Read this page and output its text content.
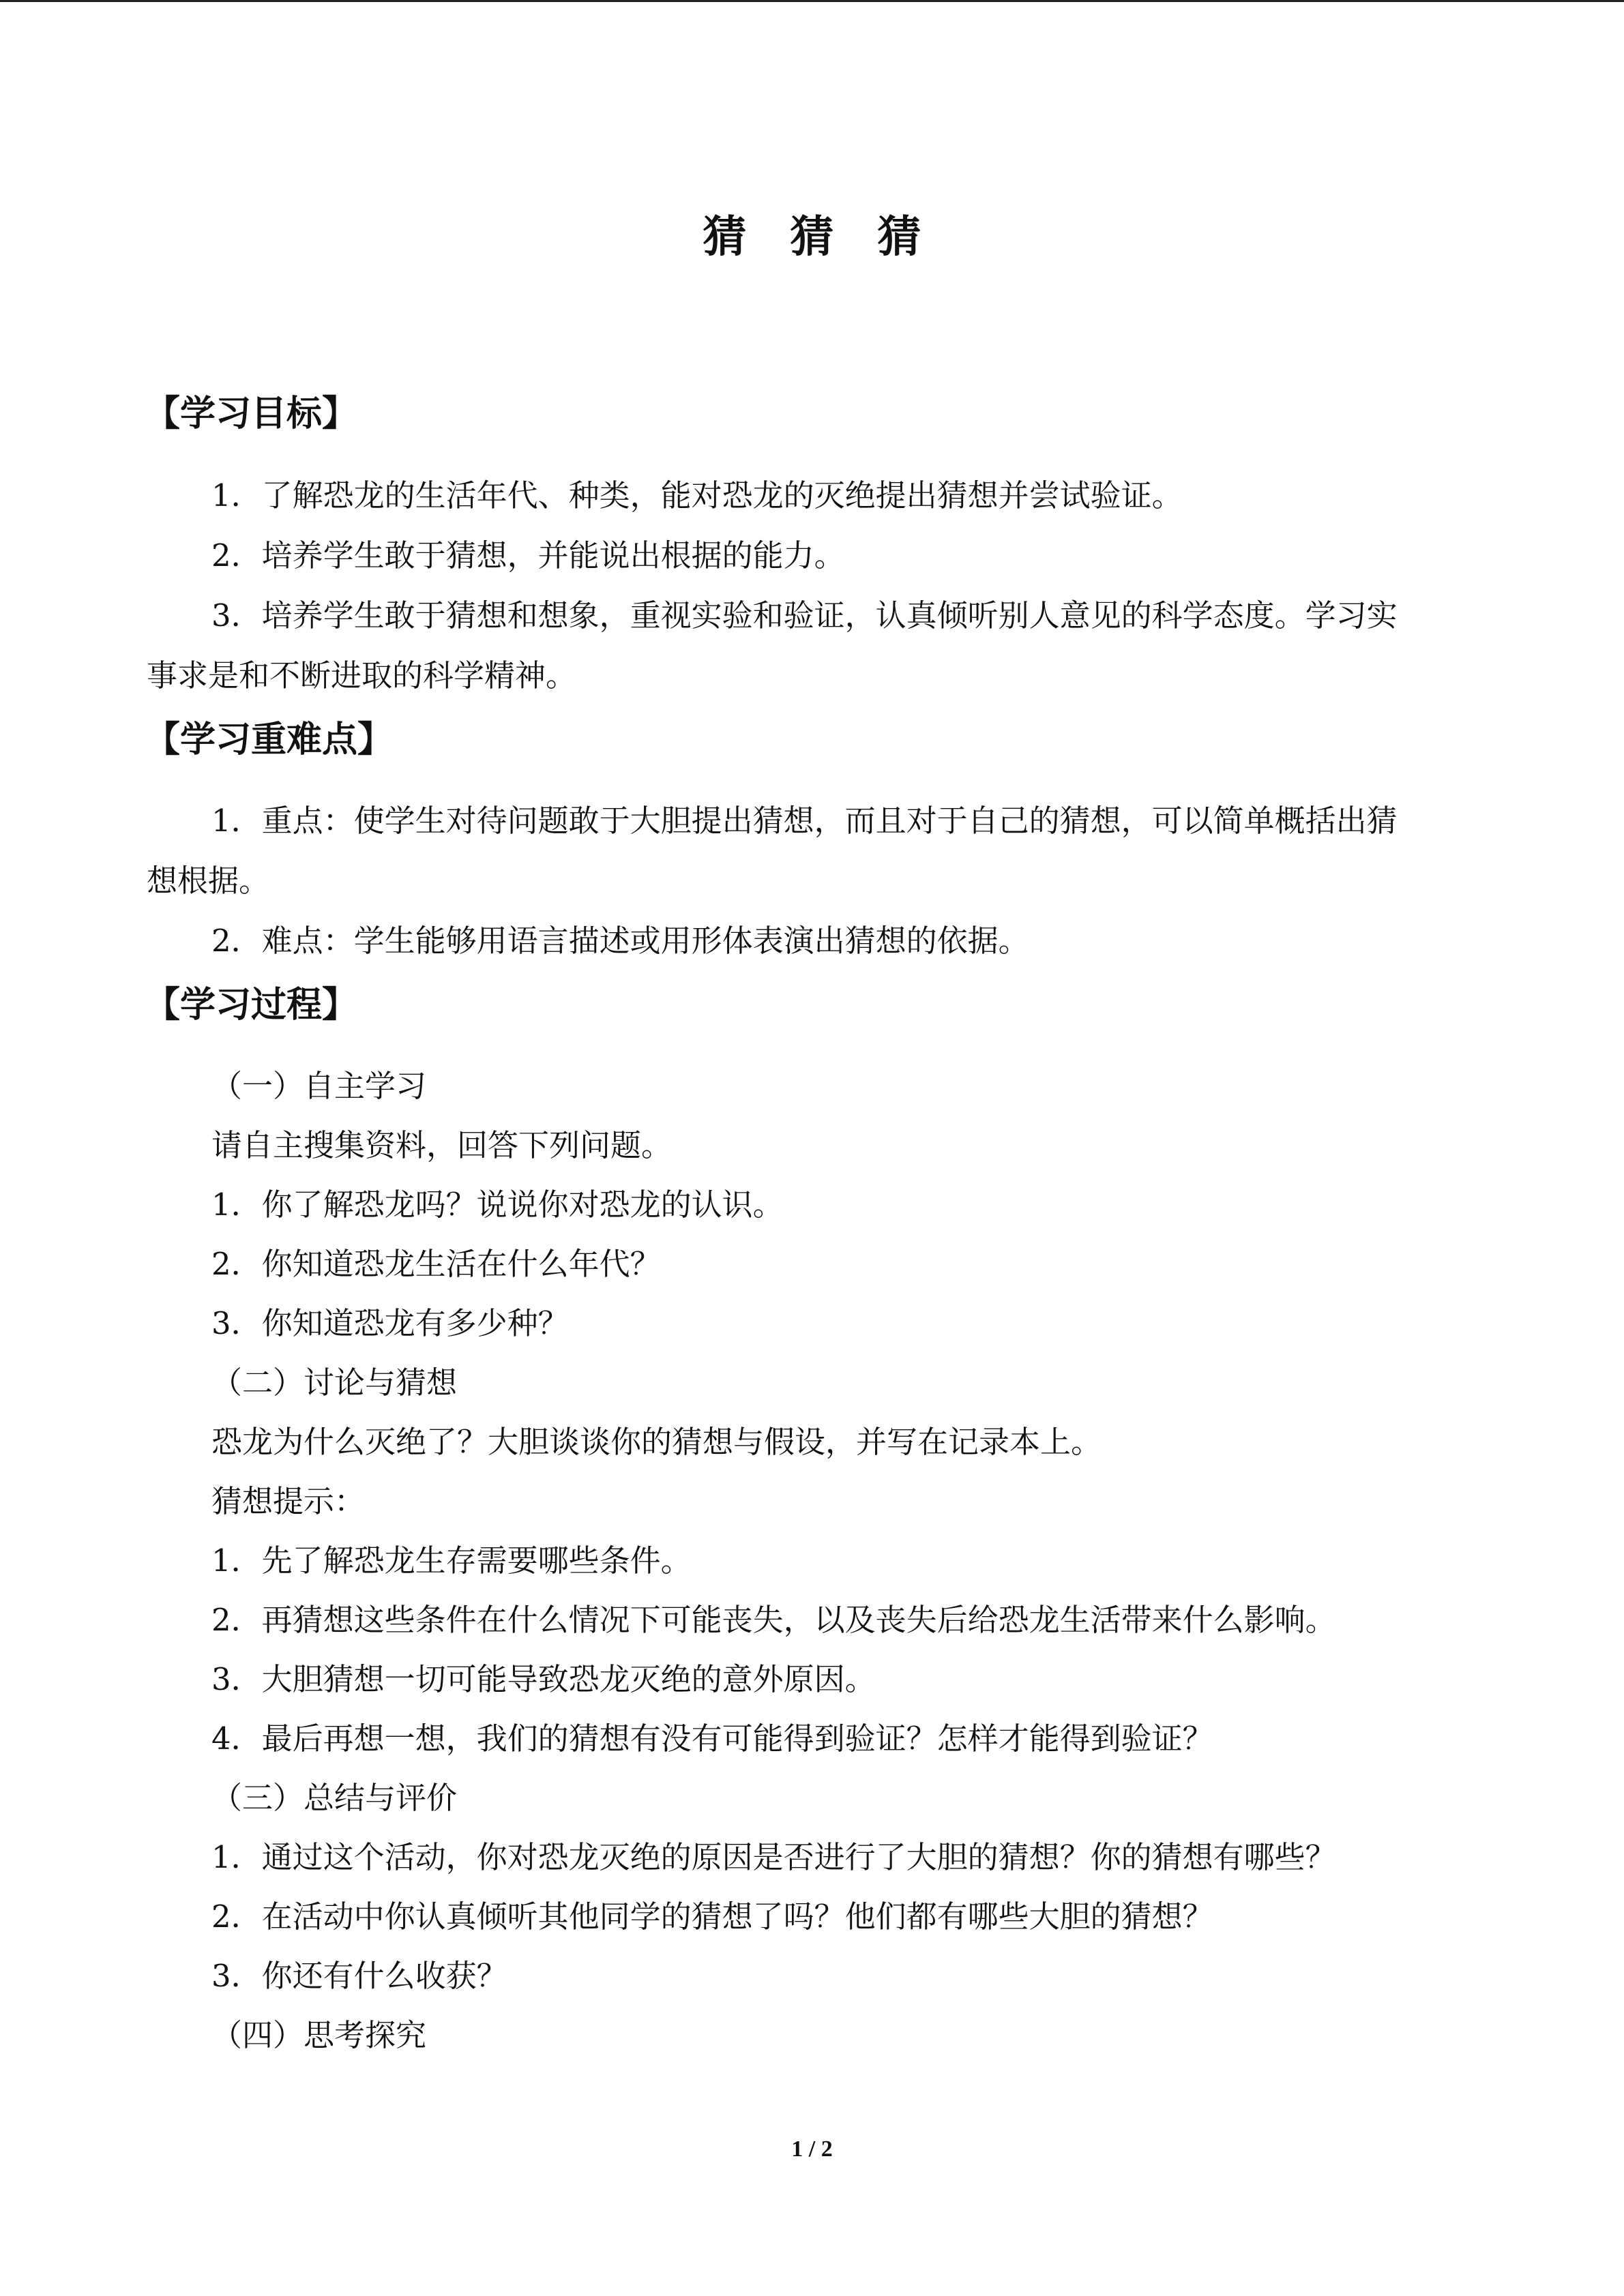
猜　猜　猜
【学习目标】
1．了解恐龙的生活年代、种类，能对恐龙的灭绝提出猜想并尝试验证。
2．培养学生敢于猜想，并能说出根据的能力。
3．培养学生敢于猜想和想象，重视实验和验证，认真倾听别人意见的科学态度。学习实
事求是和不断进取的科学精神。
【学习重难点】
1．重点：使学生对待问题敢于大胆提出猜想，而且对于自己的猜想，可以简单概括出猜
想根据。
2．难点：学生能够用语言描述或用形体表演出猜想的依据。
【学习过程】
（一）自主学习
请自主搜集资料，回答下列问题。
1．你了解恐龙吗？说说你对恐龙的认识。
2．你知道恐龙生活在什么年代？
3．你知道恐龙有多少种？
（二）讨论与猜想
恐龙为什么灭绝了？大胆谈谈你的猜想与假设，并写在记录本上。
猜想提示：
1．先了解恐龙生存需要哪些条件。
2．再猜想这些条件在什么情况下可能丧失，以及丧失后给恐龙生活带来什么影响。
3．大胆猜想一切可能导致恐龙灭绝的意外原因。
4．最后再想一想，我们的猜想有没有可能得到验证？怎样才能得到验证？
（三）总结与评价
1．通过这个活动，你对恐龙灭绝的原因是否进行了大胆的猜想？你的猜想有哪些？
2．在活动中你认真倾听其他同学的猜想了吗？他们都有哪些大胆的猜想？
3．你还有什么收获？
（四）思考探究
1 / 2
